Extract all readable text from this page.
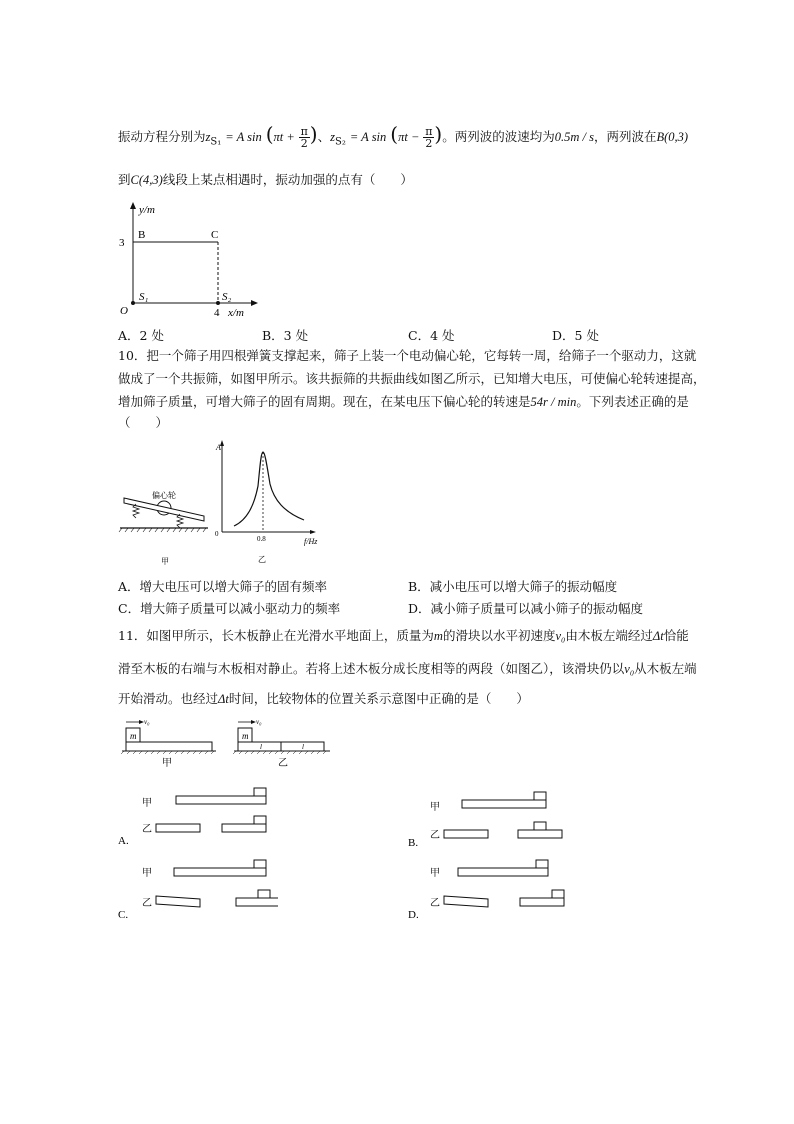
振动方程分别为$z_{S_1} = A$ $\sin (\pi t + \frac{\pi}{2})$、$z_{S_2} = A$ $\sin (\pi t - \frac{\pi}{2})$。两列波的波速均为0.5m / s，两列波在B(0,3)
到C(4,3)线段上某点相遇时，振动加强的点有（　　）
y/m
x/m
3
4
O
B	C
S₁	S₂
A．2 处	B．3 处	C．4 处	D．5 处
10．把一个筛子用四根弹簧支撑起来，筛子上装一个电动偏心轮，它每转一周，给筛子一个驱动力，这就
做成了一个共振筛，如图甲所示。该共振筛的共振曲线如图乙所示，已知增大电压，可使偏心轮转速提高，
增加筛子质量，可增大筛子的固有周期。现在，在某电压下偏心轮的转速是54r / min。下列表述正确的是
（　　）
偏心轮
甲
A
f/Hz
0
0.8
乙
A．增大电压可以增大筛子的固有频率	B．减小电压可以增大筛子的振动幅度
C．增大筛子质量可以减小驱动力的频率	D．减小筛子质量可以减小筛子的振动幅度
11．如图甲所示，长木板静止在光滑水平地面上，质量为m的滑块以水平初速度v₀由木板左端经过Δt恰能
滑至木板的右端与木板相对静止。若将上述木板分成长度相等的两段（如图乙），该滑块仍以v₀从木板左端
开始滑动。也经过Δt时间，比较物体的位置关系示意图中正确的是（　　）
v₀
m
甲
v₀
m
l	l
乙
甲
乙
A.
甲
乙
B.
甲
乙
C.
甲
乙
D.
